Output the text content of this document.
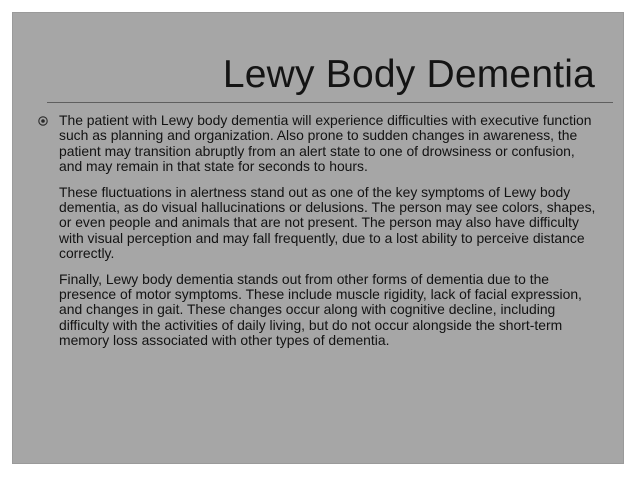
Lewy Body Dementia

The patient with Lewy body dementia will experience difficulties with executive function such as planning and organization. Also prone to sudden changes in awareness, the patient may transition abruptly from an alert state to one of drowsiness or confusion, and may remain in that state for seconds to hours.

These fluctuations in alertness stand out as one of the key symptoms of Lewy body dementia, as do visual hallucinations or delusions. The person may see colors, shapes, or even people and animals that are not present. The person may also have difficulty with visual perception and may fall frequently, due to a lost ability to perceive distance correctly.

Finally, Lewy body dementia stands out from other forms of dementia due to the presence of motor symptoms. These include muscle rigidity, lack of facial expression, and changes in gait. These changes occur along with cognitive decline, including difficulty with the activities of daily living, but do not occur alongside the short-term memory loss associated with other types of dementia.
